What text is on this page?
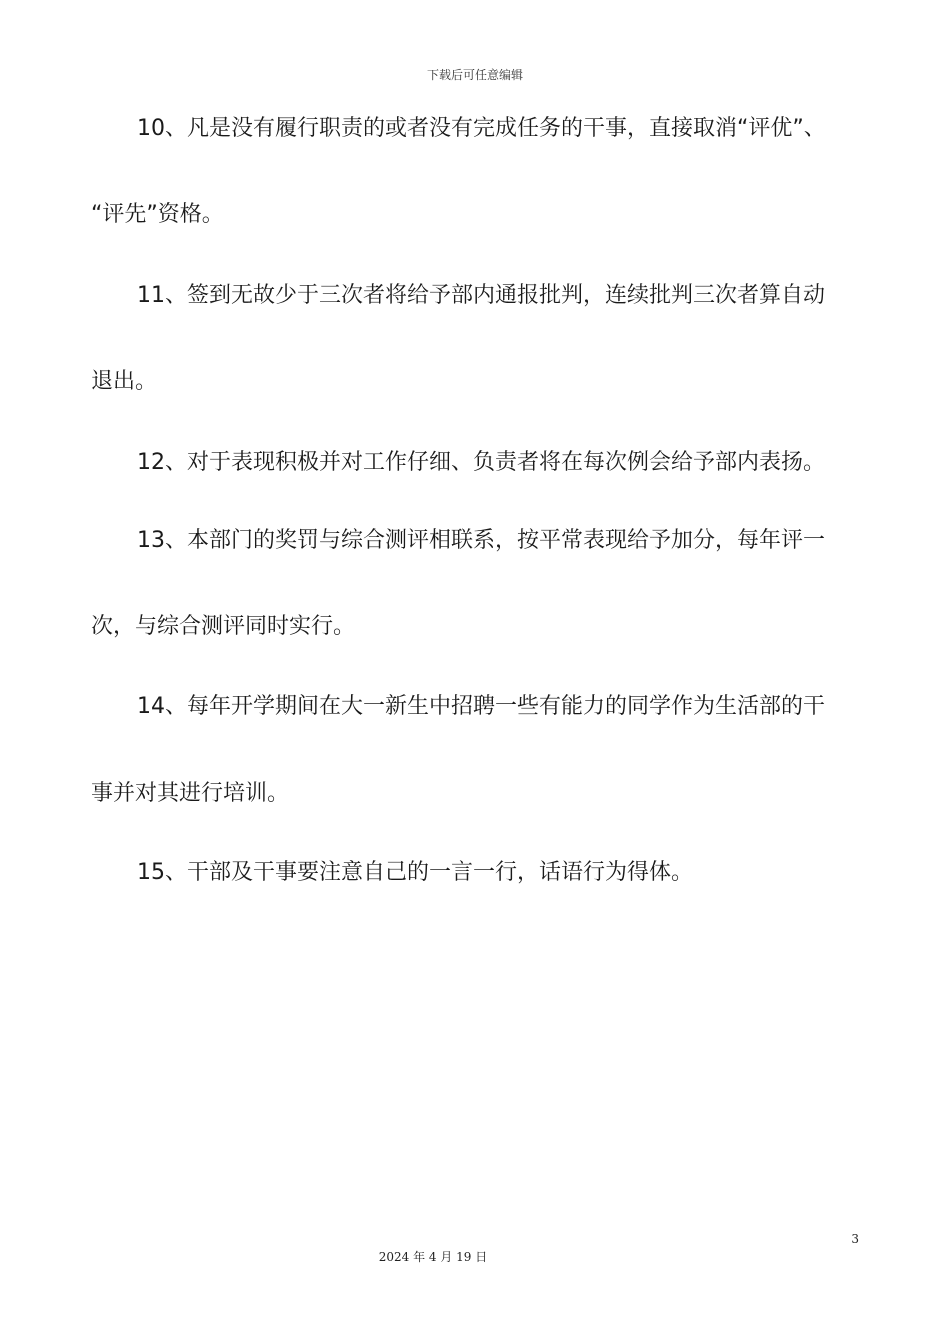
下载后可任意编辑
10、凡是没有履行职责的或者没有完成任务的干事，直接取消“评优”、
“评先”资格。
11、签到无故少于三次者将给予部内通报批判，连续批判三次者算自动
退出。
12、对于表现积极并对工作仔细、负责者将在每次例会给予部内表扬。
13、本部门的奖罚与综合测评相联系，按平常表现给予加分，每年评一
次，与综合测评同时实行。
14、每年开学期间在大一新生中招聘一些有能力的同学作为生活部的干
事并对其进行培训。
15、干部及干事要注意自己的一言一行，话语行为得体。
3
2024 年 4 月 19 日
